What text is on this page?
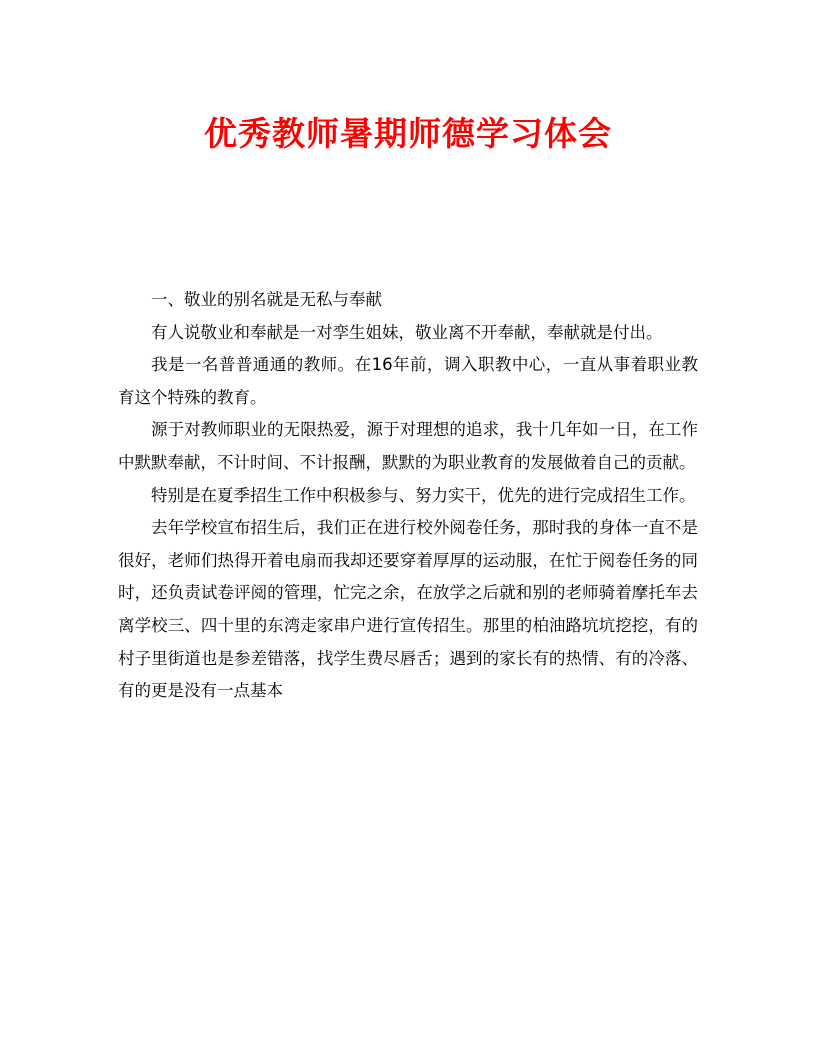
优秀教师暑期师德学习体会

一、敬业的别名就是无私与奉献

有人说敬业和奉献是一对孪生姐妹，敬业离不开奉献，奉献就是付出。

我是一名普普通通的教师。在16年前，调入职教中心，一直从事着职业教育这个特殊的教育。

源于对教师职业的无限热爱，源于对理想的追求，我十几年如一日，在工作中默默奉献，不计时间、不计报酬，默默的为职业教育的发展做着自己的贡献。

特别是在夏季招生工作中积极参与、努力实干，优先的进行完成招生工作。

去年学校宣布招生后，我们正在进行校外阅卷任务，那时我的身体一直不是很好，老师们热得开着电扇而我却还要穿着厚厚的运动服，在忙于阅卷任务的同时，还负责试卷评阅的管理，忙完之余，在放学之后就和别的老师骑着摩托车去离学校三、四十里的东湾走家串户进行宣传招生。那里的柏油路坑坑挖挖，有的村子里街道也是参差错落，找学生费尽唇舌；遇到的家长有的热情、有的冷落、有的更是没有一点基本
